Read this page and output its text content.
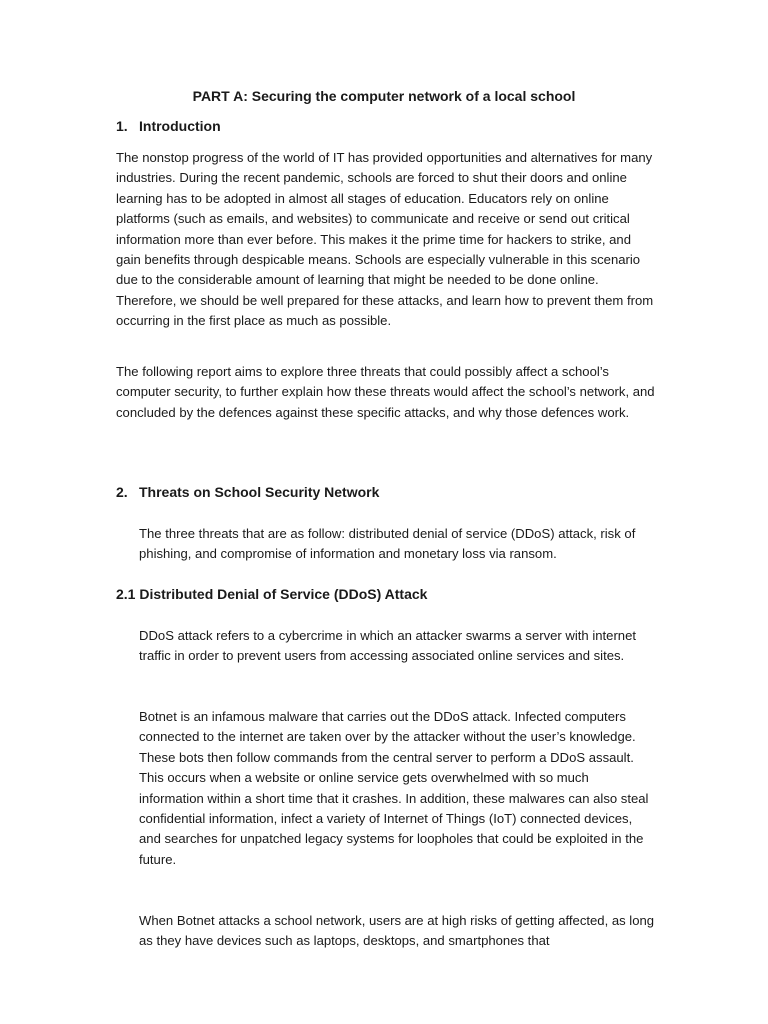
PART A: Securing the computer network of a local school
1. Introduction

The nonstop progress of the world of IT has provided opportunities and alternatives for many industries. During the recent pandemic, schools are forced to shut their doors and online learning has to be adopted in almost all stages of education. Educators rely on online platforms (such as emails, and websites) to communicate and receive or send out critical information more than ever before. This makes it the prime time for hackers to strike, and gain benefits through despicable means. Schools are especially vulnerable in this scenario due to the considerable amount of learning that might be needed to be done online. Therefore, we should be well prepared for these attacks, and learn how to prevent them from occurring in the first place as much as possible.

The following report aims to explore three threats that could possibly affect a school’s computer security, to further explain how these threats would affect the school’s network, and concluded by the defences against these specific attacks, and why those defences work.

2. Threats on School Security Network

The three threats that are as follow: distributed denial of service (DDoS) attack, risk of phishing, and compromise of information and monetary loss via ransom.

2.1 Distributed Denial of Service (DDoS) Attack

DDoS attack refers to a cybercrime in which an attacker swarms a server with internet traffic in order to prevent users from accessing associated online services and sites.

Botnet is an infamous malware that carries out the DDoS attack. Infected computers connected to the internet are taken over by the attacker without the user’s knowledge. These bots then follow commands from the central server to perform a DDoS assault. This occurs when a website or online service gets overwhelmed with so much information within a short time that it crashes. In addition, these malwares can also steal confidential information, infect a variety of Internet of Things (IoT) connected devices, and searches for unpatched legacy systems for loopholes that could be exploited in the future.

When Botnet attacks a school network, users are at high risks of getting affected, as long as they have devices such as laptops, desktops, and smartphones that
